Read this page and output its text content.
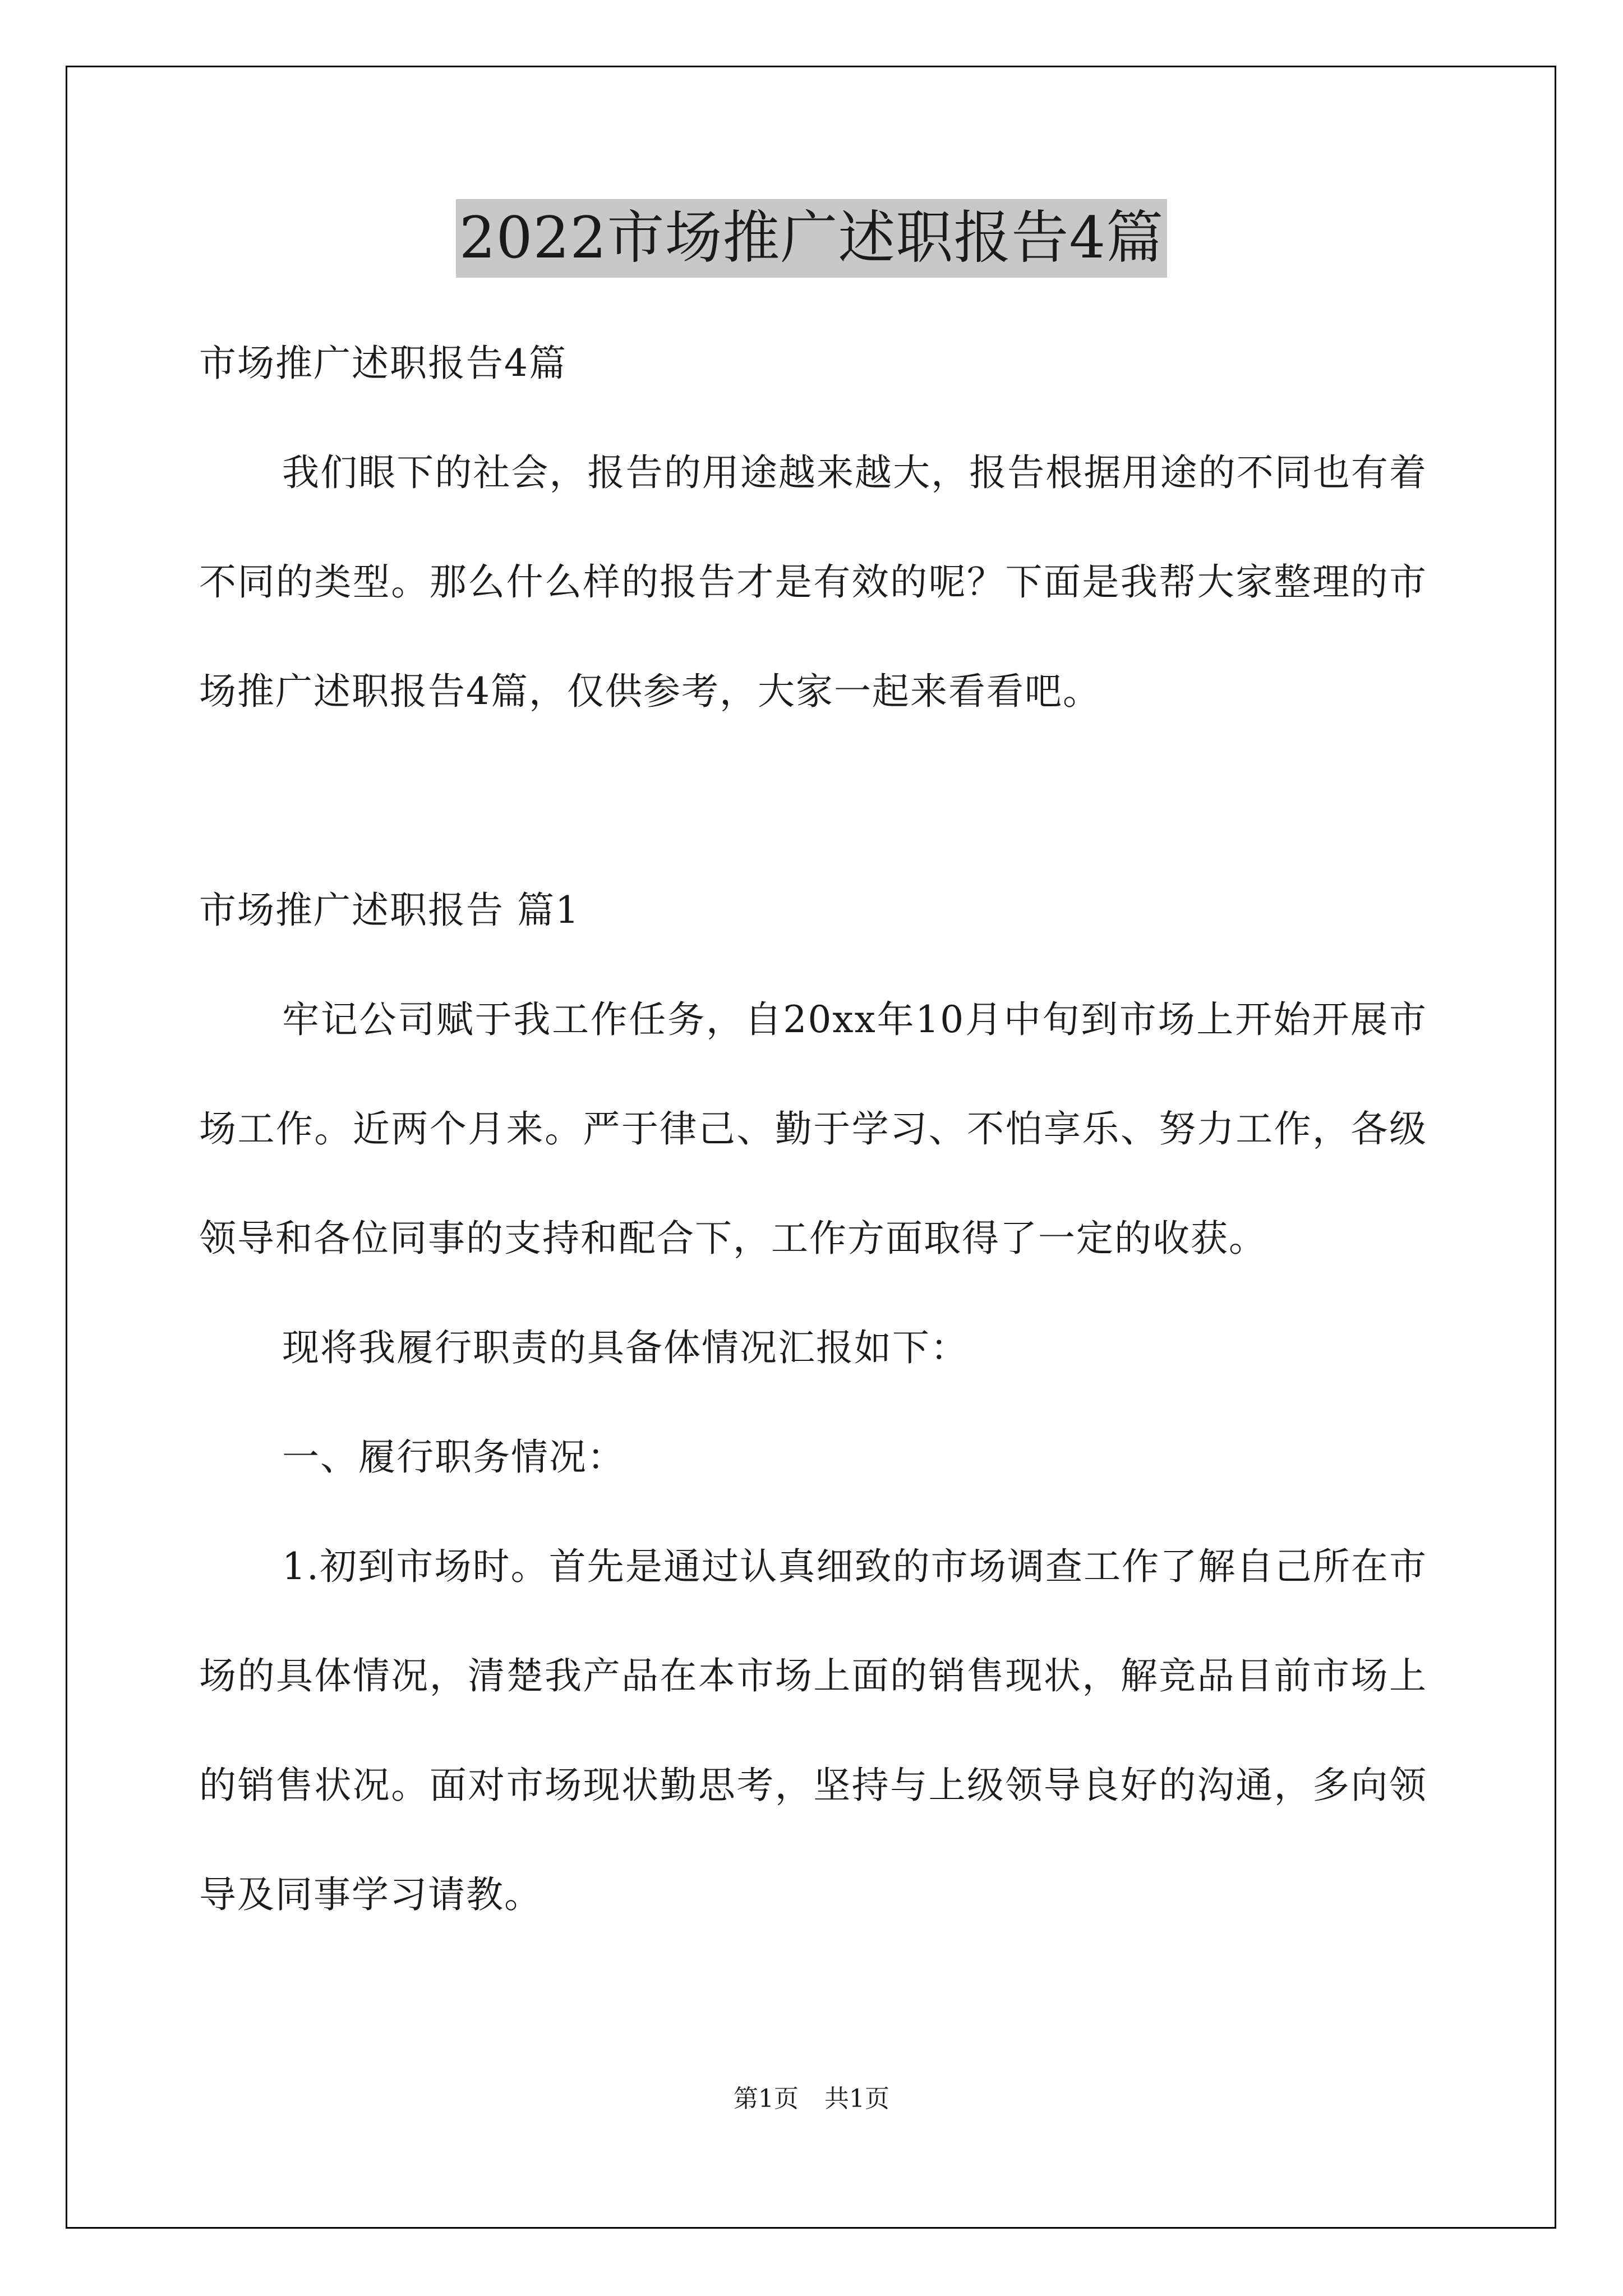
2022市场推广述职报告4篇

市场推广述职报告4篇

我们眼下的社会，报告的用途越来越大，报告根据用途的不同也有着不同的类型。那么什么样的报告才是有效的呢？下面是我帮大家整理的市场推广述职报告4篇，仅供参考，大家一起来看看吧。

市场推广述职报告 篇1

牢记公司赋于我工作任务，自20xx年10月中旬到市场上开始开展市场工作。近两个月来。严于律己、勤于学习、不怕享乐、努力工作，各级领导和各位同事的支持和配合下，工作方面取得了一定的收获。

现将我履行职责的具备体情况汇报如下：

一、履行职务情况：

1.初到市场时。首先是通过认真细致的市场调查工作了解自己所在市场的具体情况，清楚我产品在本市场上面的销售现状，解竞品目前市场上的销售状况。面对市场现状勤思考，坚持与上级领导良好的沟通，多向领导及同事学习请教。

第1页 共1页
